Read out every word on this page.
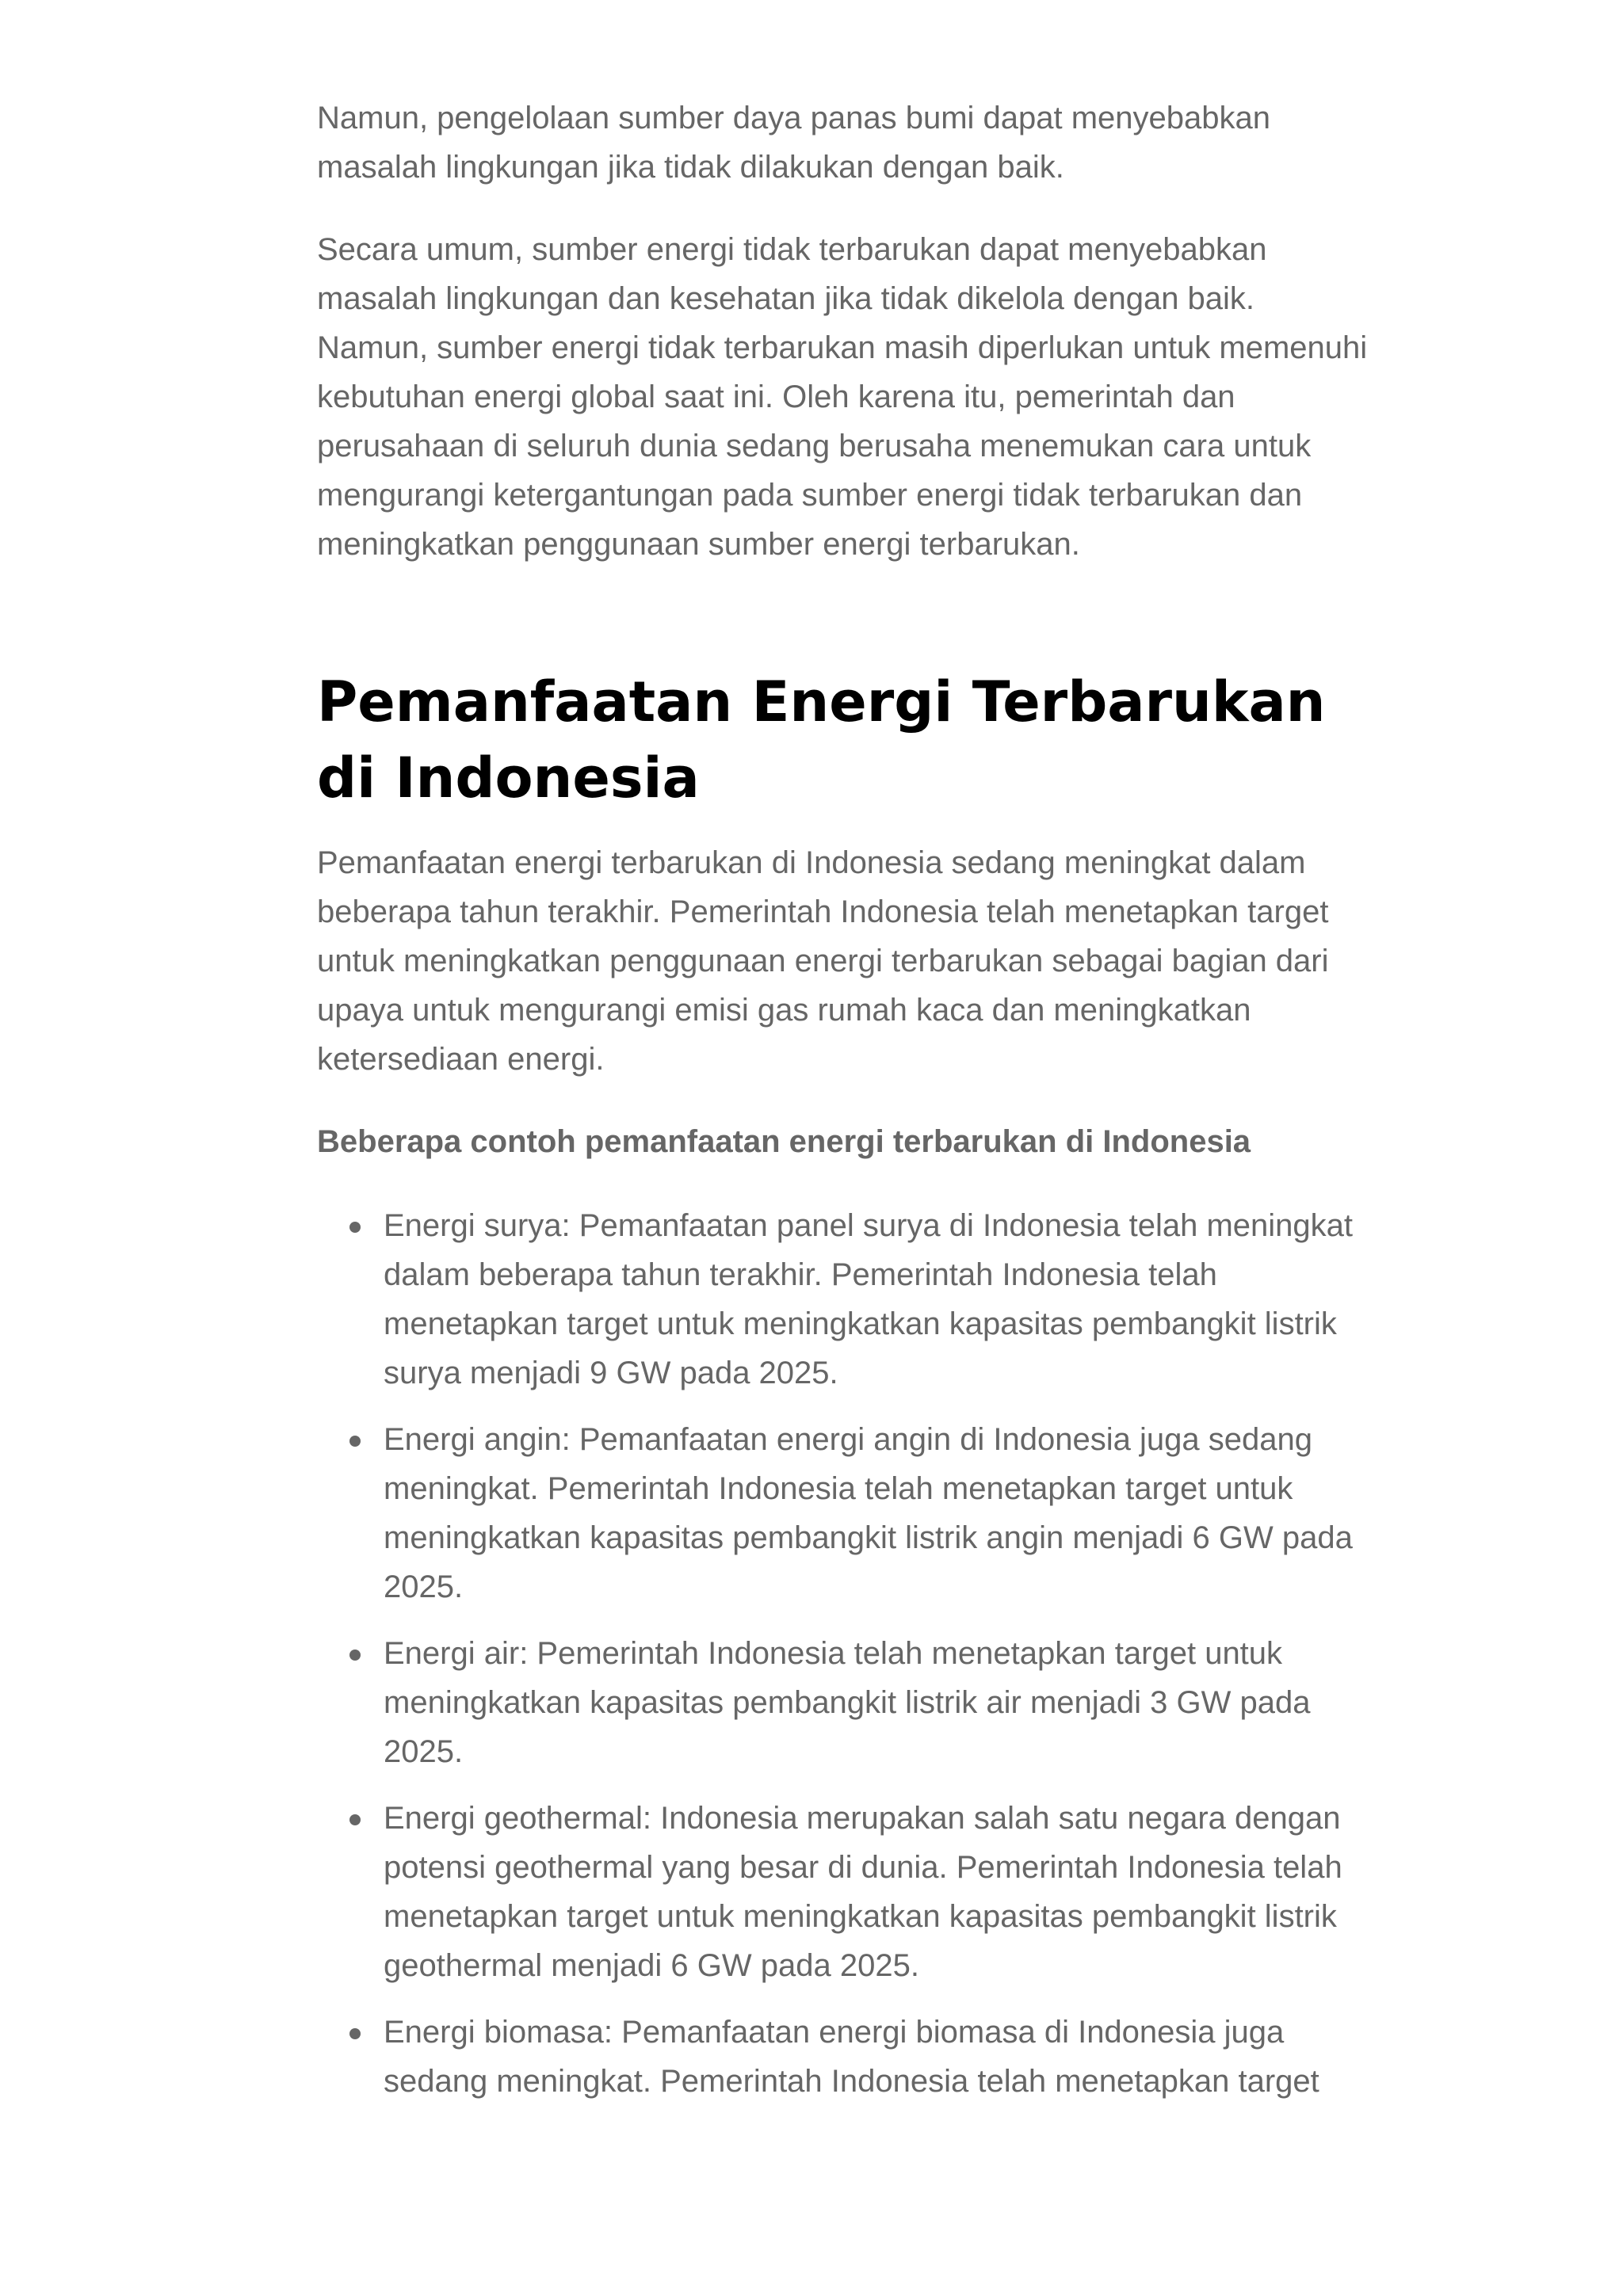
Namun, pengelolaan sumber daya panas bumi dapat menyebabkan masalah lingkungan jika tidak dilakukan dengan baik.

Secara umum, sumber energi tidak terbarukan dapat menyebabkan masalah lingkungan dan kesehatan jika tidak dikelola dengan baik. Namun, sumber energi tidak terbarukan masih diperlukan untuk memenuhi kebutuhan energi global saat ini. Oleh karena itu, pemerintah dan perusahaan di seluruh dunia sedang berusaha menemukan cara untuk mengurangi ketergantungan pada sumber energi tidak terbarukan dan meningkatkan penggunaan sumber energi terbarukan.

Pemanfaatan Energi Terbarukan di Indonesia

Pemanfaatan energi terbarukan di Indonesia sedang meningkat dalam beberapa tahun terakhir. Pemerintah Indonesia telah menetapkan target untuk meningkatkan penggunaan energi terbarukan sebagai bagian dari upaya untuk mengurangi emisi gas rumah kaca dan meningkatkan ketersediaan energi.

Beberapa contoh pemanfaatan energi terbarukan di Indonesia

Energi surya: Pemanfaatan panel surya di Indonesia telah meningkat dalam beberapa tahun terakhir. Pemerintah Indonesia telah menetapkan target untuk meningkatkan kapasitas pembangkit listrik surya menjadi 9 GW pada 2025.
Energi angin: Pemanfaatan energi angin di Indonesia juga sedang meningkat. Pemerintah Indonesia telah menetapkan target untuk meningkatkan kapasitas pembangkit listrik angin menjadi 6 GW pada 2025.
Energi air: Pemerintah Indonesia telah menetapkan target untuk meningkatkan kapasitas pembangkit listrik air menjadi 3 GW pada 2025.
Energi geothermal: Indonesia merupakan salah satu negara dengan potensi geothermal yang besar di dunia. Pemerintah Indonesia telah menetapkan target untuk meningkatkan kapasitas pembangkit listrik geothermal menjadi 6 GW pada 2025.
Energi biomasa: Pemanfaatan energi biomasa di Indonesia juga sedang meningkat. Pemerintah Indonesia telah menetapkan target
